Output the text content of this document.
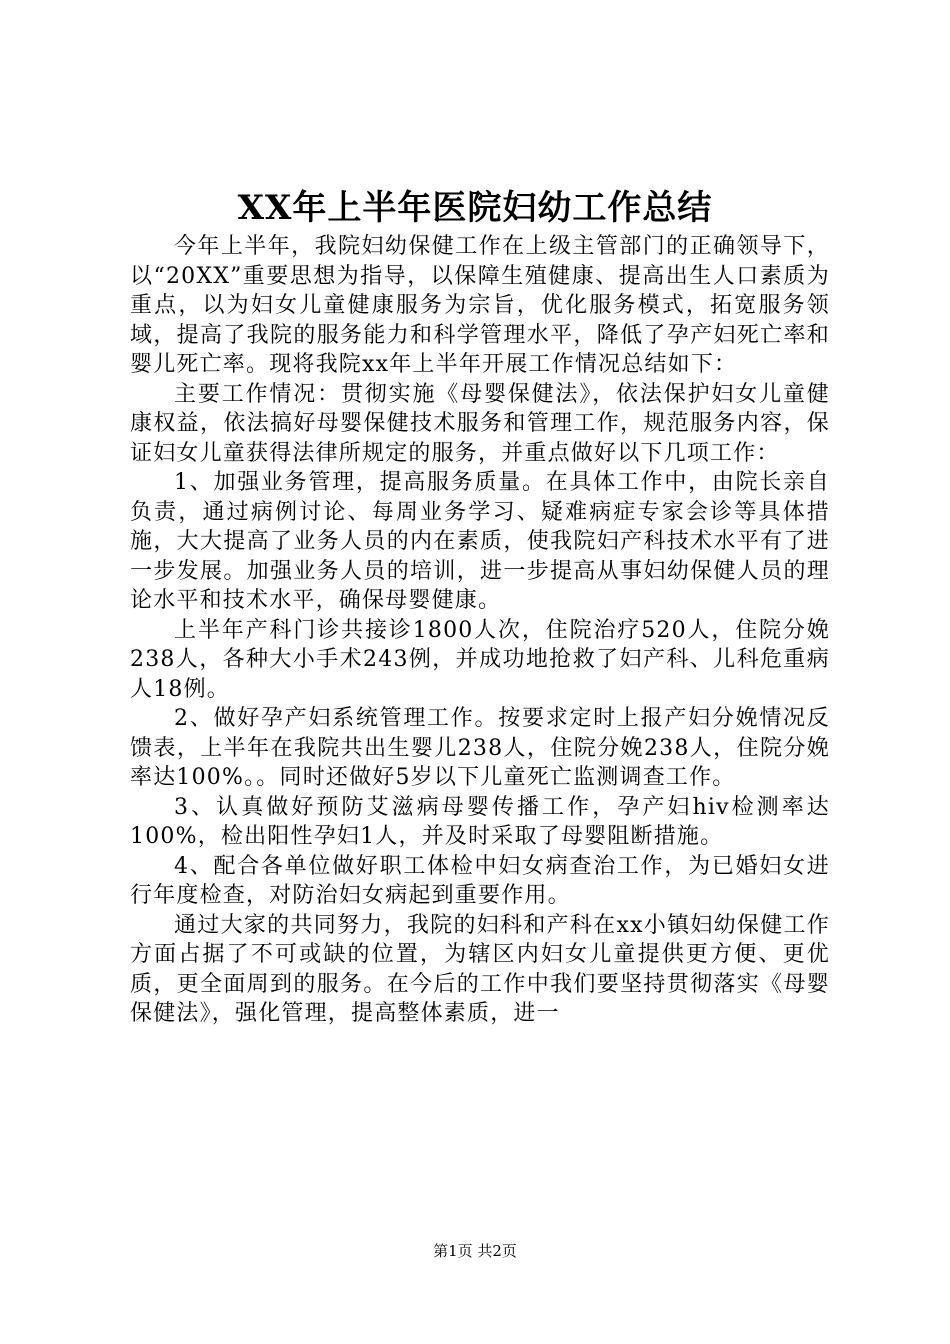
XX年上半年医院妇幼工作总结

今年上半年，我院妇幼保健工作在上级主管部门的正确领导下，以“20XX”重要思想为指导，以保障生殖健康、提高出生人口素质为重点，以为妇女儿童健康服务为宗旨，优化服务模式，拓宽服务领域，提高了我院的服务能力和科学管理水平，降低了孕产妇死亡率和婴儿死亡率。现将我院xx年上半年开展工作情况总结如下：

主要工作情况：贯彻实施《母婴保健法》，依法保护妇女儿童健康权益，依法搞好母婴保健技术服务和管理工作，规范服务内容，保证妇女儿童获得法律所规定的服务，并重点做好以下几项工作：

1、加强业务管理，提高服务质量。在具体工作中，由院长亲自负责，通过病例讨论、每周业务学习、疑难病症专家会诊等具体措施，大大提高了业务人员的内在素质，使我院妇产科技术水平有了进一步发展。加强业务人员的培训，进一步提高从事妇幼保健人员的理论水平和技术水平，确保母婴健康。

上半年产科门诊共接诊1800人次，住院治疗520人，住院分娩238人，各种大小手术243例，并成功地抢救了妇产科、儿科危重病人18例。

2、做好孕产妇系统管理工作。按要求定时上报产妇分娩情况反馈表，上半年在我院共出生婴儿238人，住院分娩238人，住院分娩率达100%。。同时还做好5岁以下儿童死亡监测调查工作。

3、认真做好预防艾滋病母婴传播工作，孕产妇hiv检测率达100%，检出阳性孕妇1人，并及时采取了母婴阻断措施。

4、配合各单位做好职工体检中妇女病查治工作，为已婚妇女进行年度检查，对防治妇女病起到重要作用。

通过大家的共同努力，我院的妇科和产科在xx小镇妇幼保健工作方面占据了不可或缺的位置，为辖区内妇女儿童提供更方便、更优质，更全面周到的服务。在今后的工作中我们要坚持贯彻落实《母婴保健法》，强化管理，提高整体素质，进一

第1页 共2页
